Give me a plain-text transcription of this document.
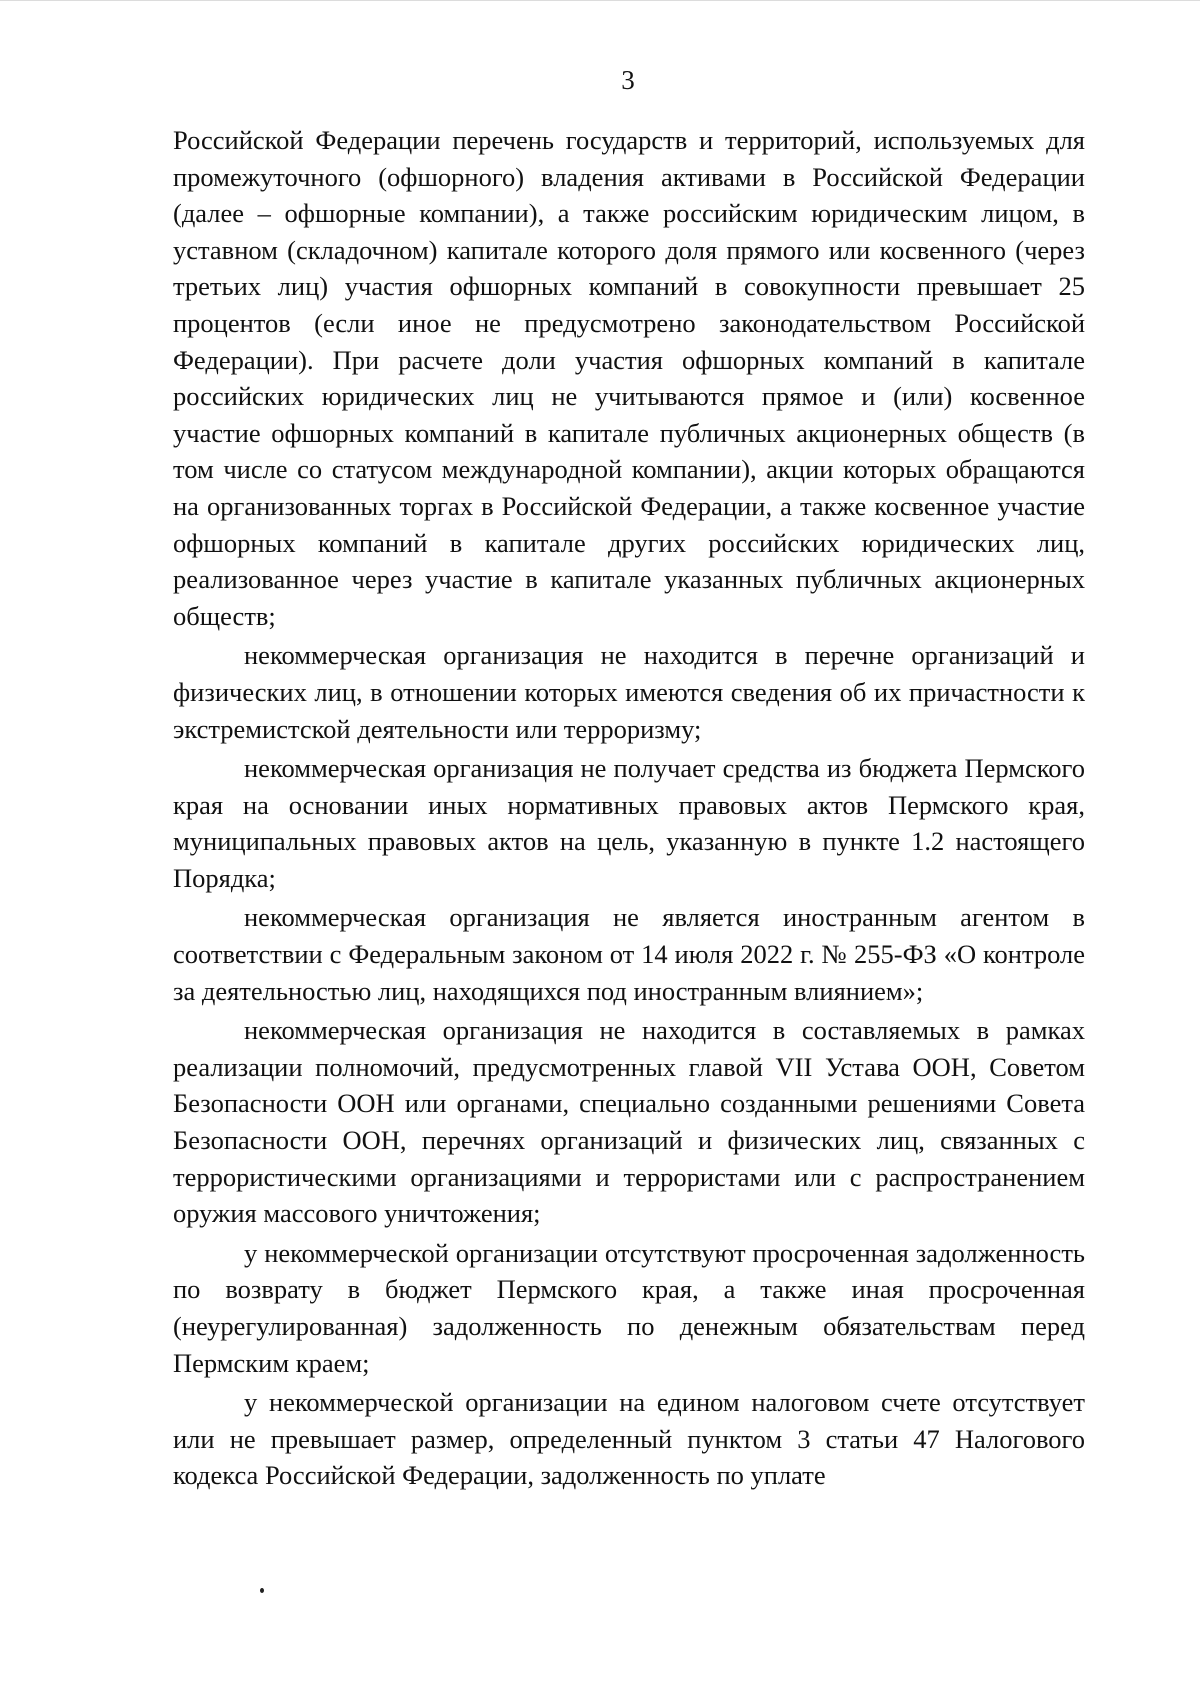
3

Российской Федерации перечень государств и территорий, используемых для промежуточного (офшорного) владения активами в Российской Федерации (далее – офшорные компании), а также российским юридическим лицом, в уставном (складочном) капитале которого доля прямого или косвенного (через третьих лиц) участия офшорных компаний в совокупности превышает 25 процентов (если иное не предусмотрено законодательством Российской Федерации). При расчете доли участия офшорных компаний в капитале российских юридических лиц не учитываются прямое и (или) косвенное участие офшорных компаний в капитале публичных акционерных обществ (в том числе со статусом международной компании), акции которых обращаются на организованных торгах в Российской Федерации, а также косвенное участие офшорных компаний в капитале других российских юридических лиц, реализованное через участие в капитале указанных публичных акционерных обществ;

некоммерческая организация не находится в перечне организаций и физических лиц, в отношении которых имеются сведения об их причастности к экстремистской деятельности или терроризму;

некоммерческая организация не получает средства из бюджета Пермского края на основании иных нормативных правовых актов Пермского края, муниципальных правовых актов на цель, указанную в пункте 1.2 настоящего Порядка;

некоммерческая организация не является иностранным агентом в соответствии с Федеральным законом от 14 июля 2022 г. № 255-ФЗ «О контроле за деятельностью лиц, находящихся под иностранным влиянием»;

некоммерческая организация не находится в составляемых в рамках реализации полномочий, предусмотренных главой VII Устава ООН, Советом Безопасности ООН или органами, специально созданными решениями Совета Безопасности ООН, перечнях организаций и физических лиц, связанных с террористическими организациями и террористами или с распространением оружия массового уничтожения;

у некоммерческой организации отсутствуют просроченная задолженность по возврату в бюджет Пермского края, а также иная просроченная (неурегулированная) задолженность по денежным обязательствам перед Пермским краем;

у некоммерческой организации на едином налоговом счете отсутствует или не превышает размер, определенный пунктом 3 статьи 47 Налогового кодекса Российской Федерации, задолженность по уплате
